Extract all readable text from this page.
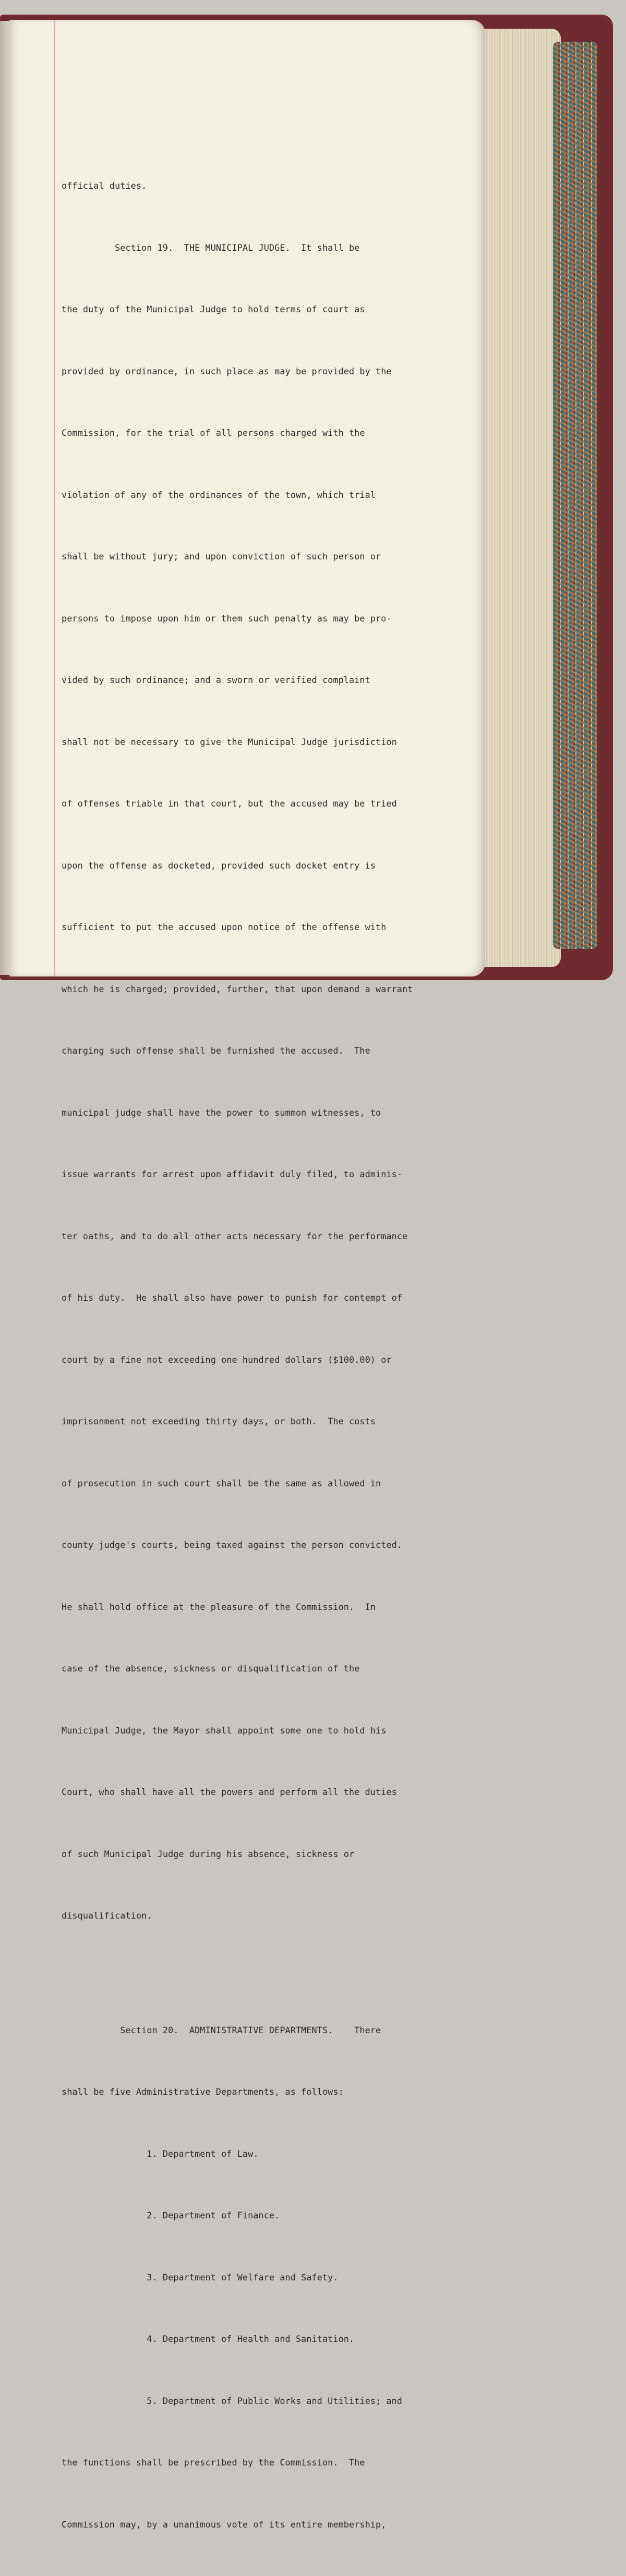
official duties.

Section 19.  THE MUNICIPAL JUDGE.  It shall be

the duty of the Municipal Judge to hold terms of court as

provided by ordinance, in such place as may be provided by the

Commission, for the trial of all persons charged with the

violation of any of the ordinances of the town, which trial

shall be without jury; and upon conviction of such person or

persons to impose upon him or them such penalty as may be pro-

vided by such ordinance; and a sworn or verified complaint

shall not be necessary to give the Municipal Judge jurisdiction

of offenses triable in that court, but the accused may be tried

upon the offense as docketed, provided such docket entry is

sufficient to put the accused upon notice of the offense with

which he is charged; provided, further, that upon demand a warrant

charging such offense shall be furnished the accused.  The

municipal judge shall have the power to summon witnesses, to

issue warrants for arrest upon affidavit duly filed, to adminis-

ter oaths, and to do all other acts necessary for the performance

of his duty.  He shall also have power to punish for contempt of

court by a fine not exceeding one hundred dollars ($100.00) or

imprisonment not exceeding thirty days, or both.  The costs

of prosecution in such court shall be the same as allowed in

county judge's courts, being taxed against the person convicted.

He shall hold office at the pleasure of the Commission.  In

case of the absence, sickness or disqualification of the

Municipal Judge, the Mayor shall appoint some one to hold his

Court, who shall have all the powers and perform all the duties

of such Municipal Judge during his absence, sickness or

disqualification.

Section 20.  ADMINISTRATIVE DEPARTMENTS.    There

shall be five Administrative Departments, as follows:

1. Department of Law.

2. Department of Finance.

3. Department of Welfare and Safety.

4. Department of Health and Sanitation.

5. Department of Public Works and Utilities; and

the functions shall be prescribed by the Commission.  The

Commission may, by a unanimous vote of its entire membership,
